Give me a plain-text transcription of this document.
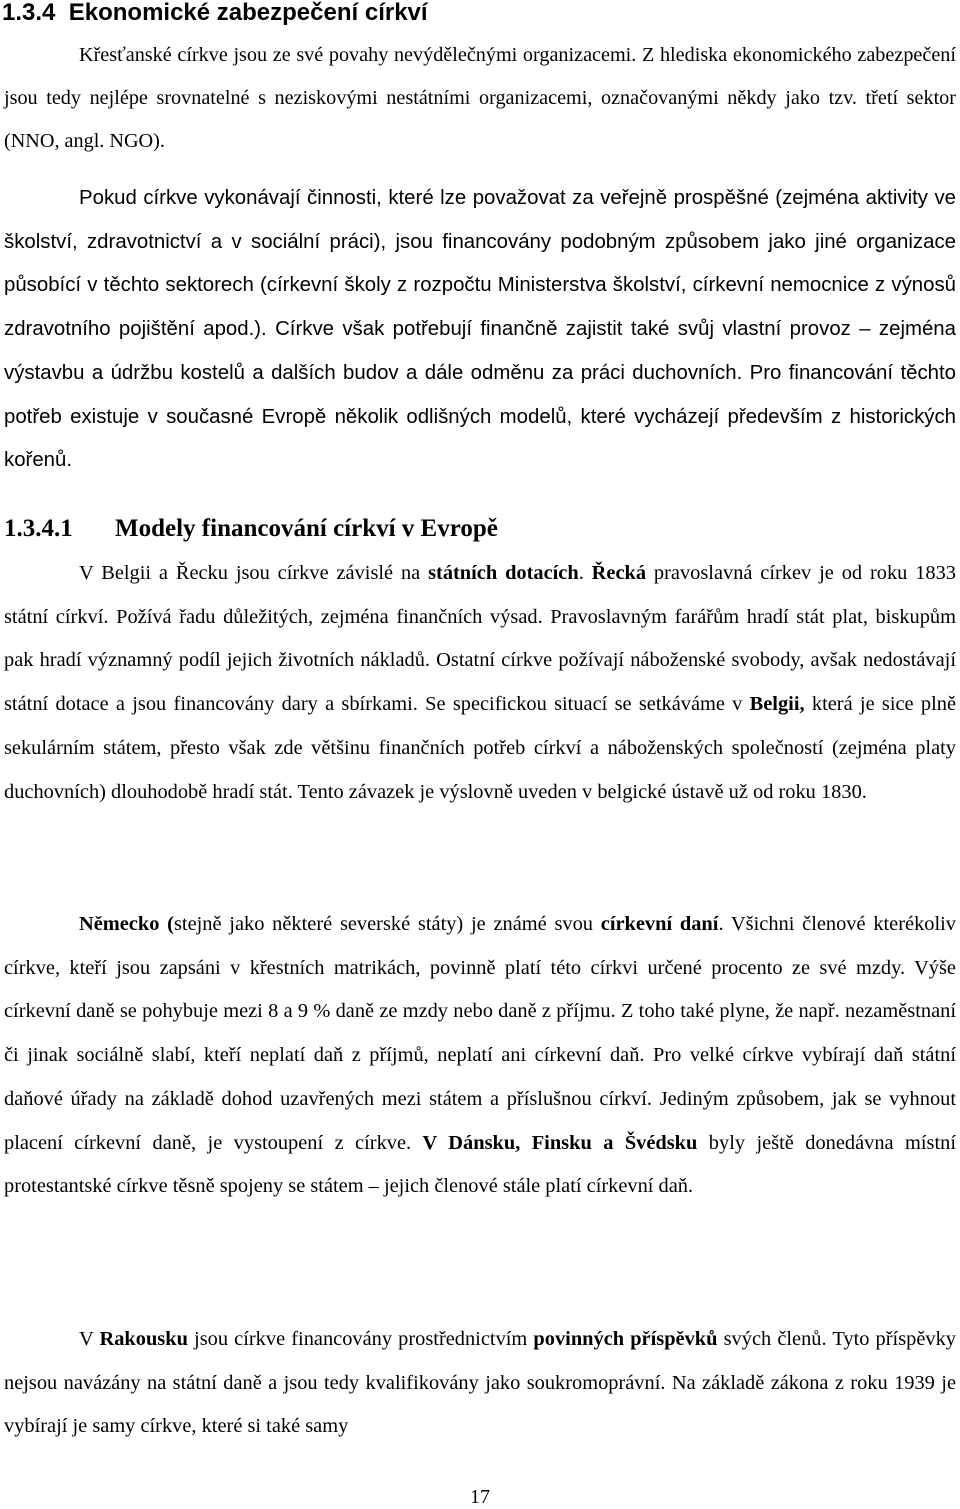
1.3.4 Ekonomické zabezpečení církví
Křesťanské církve jsou ze své povahy nevýdělečnými organizacemi. Z hlediska ekonomického zabezpečení jsou tedy nejlépe srovnatelné s neziskovými nestátními organizacemi, označovanými někdy jako tzv. třetí sektor (NNO, angl. NGO).
Pokud církve vykonávají činnosti, které lze považovat za veřejně prospěšné (zejména aktivity ve školství, zdravotnictví a v sociální práci), jsou financovány podobným způsobem jako jiné organizace působící v těchto sektorech (církevní školy z rozpočtu Ministerstva školství, církevní nemocnice z výnosů zdravotního pojištění apod.). Církve však potřebují finančně zajistit také svůj vlastní provoz – zejména výstavbu a údržbu kostelů a dalších budov a dále odměnu za práci duchovních. Pro financování těchto potřeb existuje v současné Evropě několik odlišných modelů, které vycházejí především z historických kořenů.
1.3.4.1 Modely financování církví v Evropě
V Belgii a Řecku jsou církve závislé na státních dotacích. Řecká pravoslavná církev je od roku 1833 státní církví. Požívá řadu důležitých, zejména finančních výsad. Pravoslavným farářům hradí stát plat, biskupům pak hradí významný podíl jejich životních nákladů. Ostatní církve požívají náboženské svobody, avšak nedostávají státní dotace a jsou financovány dary a sbírkami. Se specifickou situací se setkáváme v Belgii, která je sice plně sekulárním státem, přesto však zde většinu finančních potřeb církví a náboženských společností (zejména platy duchovních) dlouhodobě hradí stát. Tento závazek je výslovně uveden v belgické ústavě už od roku 1830.
Německo (stejně jako některé severské státy) je známé svou církevní daní. Všichni členové kterékoliv církve, kteří jsou zapsáni v křestních matrikách, povinně platí této církvi určené procento ze své mzdy. Výše církevní daně se pohybuje mezi 8 a 9 % daně ze mzdy nebo daně z příjmu. Z toho také plyne, že např. nezaměstnaní či jinak sociálně slabí, kteří neplatí daň z příjmů, neplatí ani církevní daň. Pro velké církve vybírají daň státní daňové úřady na základě dohod uzavřených mezi státem a příslušnou církví. Jediným způsobem, jak se vyhnout placení církevní daně, je vystoupení z církve. V Dánsku, Finsku a Švédsku byly ještě donedávna místní protestantské církve těsně spojeny se státem – jejich členové stále platí církevní daň.
V Rakousku jsou církve financovány prostřednictvím povinných příspěvků svých členů. Tyto příspěvky nejsou navázány na státní daně a jsou tedy kvalifikovány jako soukromoprávní. Na základě zákona z roku 1939 je vybírají je samy církve, které si také samy
17
